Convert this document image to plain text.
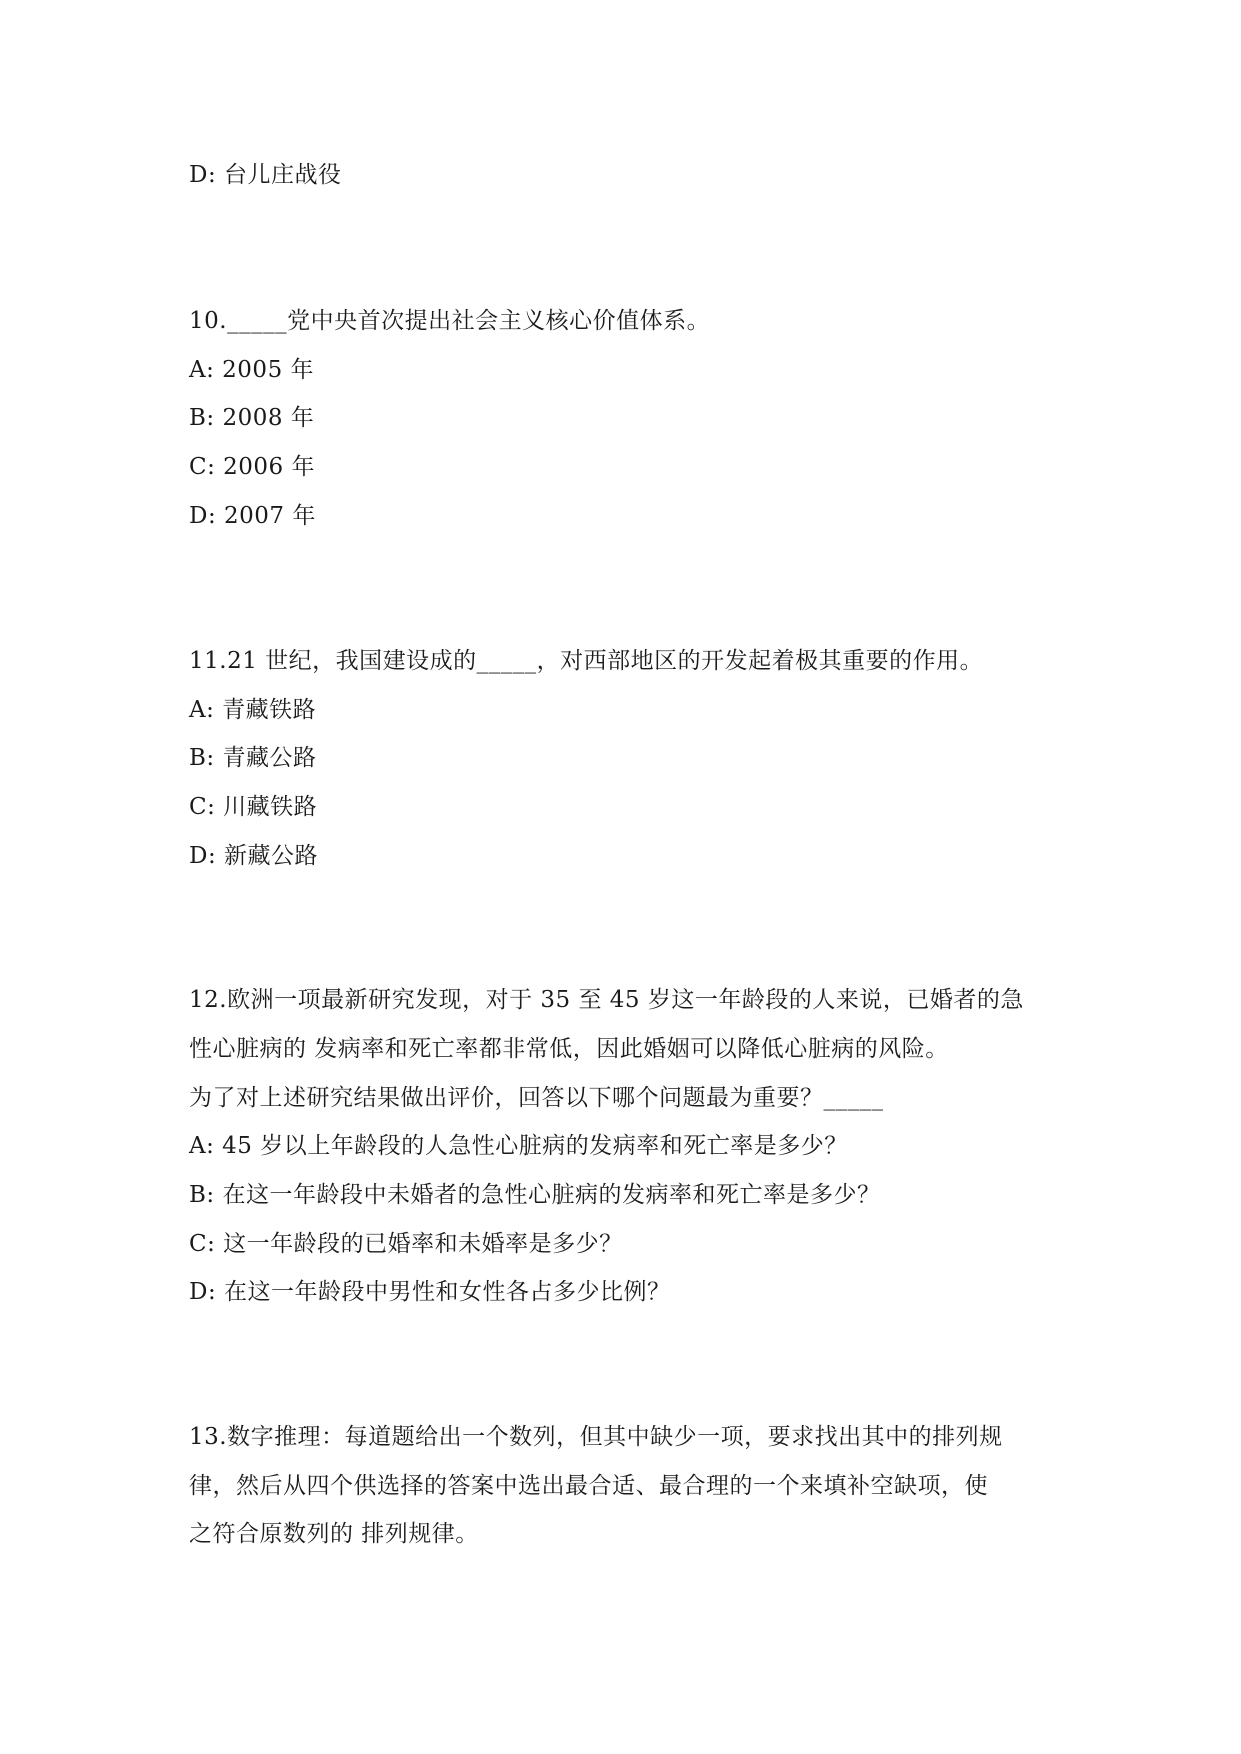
D: 台儿庄战役
10._____党中央首次提出社会主义核心价值体系。
A: 2005 年
B: 2008 年
C: 2006 年
D: 2007 年
11.21 世纪，我国建设成的_____，对西部地区的开发起着极其重要的作用。
A: 青藏铁路
B: 青藏公路
C: 川藏铁路
D: 新藏公路
12.欧洲一项最新研究发现，对于 35 至 45 岁这一年龄段的人来说，已婚者的急
性心脏病的 发病率和死亡率都非常低，因此婚姻可以降低心脏病的风险。
为了对上述研究结果做出评价，回答以下哪个问题最为重要？_____
A: 45 岁以上年龄段的人急性心脏病的发病率和死亡率是多少？
B: 在这一年龄段中未婚者的急性心脏病的发病率和死亡率是多少？
C: 这一年龄段的已婚率和未婚率是多少？
D: 在这一年龄段中男性和女性各占多少比例？
13.数字推理：每道题给出一个数列，但其中缺少一项，要求找出其中的排列规
律，然后从四个供选择的答案中选出最合适、最合理的一个来填补空缺项，使
之符合原数列的 排列规律。
